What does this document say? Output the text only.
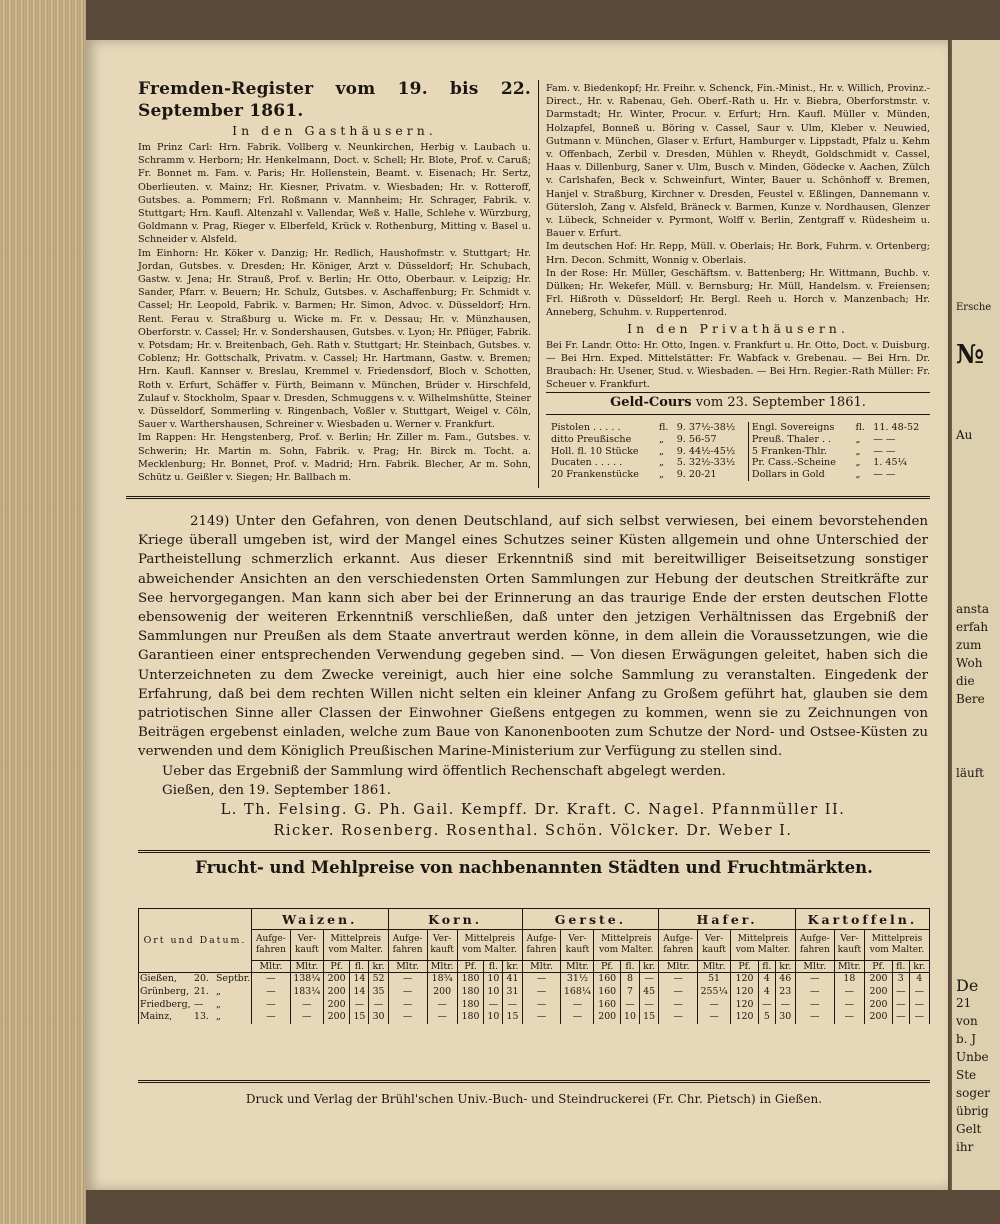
Fremden-Register vom 19. bis 22. September 1861.
In den Gasthäusern.

Im Prinz Carl: Hrn. Fabrik. Vollberg v. Neunkirchen, Herbig v. Laubach u. Schramm v. Herborn; Hr. Henkelmann, Doct. v. Schell; Hr. Blote, Prof. v. Caruß; Fr. Bonnet m. Fam. v. Paris; Hr. Hollenstein, Beamt. v. Eisenach; Hr. Sertz, Oberlieuten. v. Mainz; Hr. Kiesner, Privatm. v. Wiesbaden; Hr. v. Rotteroff, Gutsbes. a. Pommern; Frl. Roßmann v. Mannheim; Hr. Schrager, Fabrik. v. Stuttgart; Hrn. Kaufl. Altenzahl v. Vallendar, Weß v. Halle, Schlehe v. Würzburg, Goldmann v. Prag, Rieger v. Elberfeld, Krück v. Rothenburg, Mitting v. Basel u. Schneider v. Alsfeld.

Im Einhorn: Hr. Köker v. Danzig; Hr. Redlich, Haushofmstr. v. Stuttgart; Hr. Jordan, Gutsbes. v. Dresden; Hr. Königer, Arzt v. Düsseldorf; Hr. Schubach, Gastw. v. Jena; Hr. Strauß, Prof. v. Berlin; Hr. Otto, Oberbaur. v. Leipzig; Hr. Sander, Pfarr. v. Beuern; Hr. Schulz, Gutsbes. v. Aschaffenburg; Fr. Schmidt v. Cassel; Hr. Leopold, Fabrik. v. Barmen; Hr. Simon, Advoc. v. Düsseldorf; Hrn. Rent. Ferau v. Straßburg u. Wicke m. Fr. v. Dessau; Hr. v. Münzhausen, Oberforstr. v. Cassel; Hr. v. Sondershausen, Gutsbes. v. Lyon; Hr. Pflüger, Fabrik. v. Potsdam; Hr. v. Breitenbach, Geh. Rath v. Stuttgart; Hr. Steinbach, Gutsbes. v. Coblenz; Hr. Gottschalk, Privatm. v. Cassel; Hr. Hartmann, Gastw. v. Bremen; Hrn. Kaufl. Kannser v. Breslau, Kremmel v. Friedensdorf, Bloch v. Schotten, Roth v. Erfurt, Schäffer v. Fürth, Beimann v. München, Brüder v. Hirschfeld, Zulauf v. Stockholm, Spaar v. Dresden, Schmuggens v. v. Wilhelmshütte, Steiner v. Düsseldorf, Sommerling v. Ringenbach, Voßler v. Stuttgart, Weigel v. Cöln, Sauer v. Warthershausen, Schreiner v. Wiesbaden u. Werner v. Frankfurt.

Im Rappen: Hr. Hengstenberg, Prof. v. Berlin; Hr. Ziller m. Fam., Gutsbes. v. Schwerin; Hr. Martin m. Sohn, Fabrik. v. Prag; Hr. Birck m. Tocht. a. Mecklenburg; Hr. Bonnet, Prof. v. Madrid; Hrn. Fabrik. Blecher, Ar m. Sohn, Schütz u. Geißler v. Siegen; Hr. Ballbach m.

Fam. v. Biedenkopf; Hr. Freihr. v. Schenck, Fin.-Minist., Hr. v. Willich, Provinz.-Direct., Hr. v. Rabenau, Geh. Oberf.-Rath u. Hr. v. Biebra, Oberforstmstr. v. Darmstadt; Hr. Winter, Procur. v. Erfurt; Hrn. Kaufl. Müller v. Münden, Holzapfel, Bonneß u. Böring v. Cassel, Saur v. Ulm, Kleber v. Neuwied, Gutmann v. München, Glaser v. Erfurt, Hamburger v. Lippstadt, Pfalz u. Kehm v. Offenbach, Zerbil v. Dresden, Mühlen v. Rheydt, Goldschmidt v. Cassel, Haas v. Dillenburg, Saner v. Ulm, Busch v. Minden, Gödecke v. Aachen, Zülch v. Carlshafen, Beck v. Schweinfurt, Winter, Bauer u. Schönhoff v. Bremen, Hanjel v. Straßburg, Kirchner v. Dresden, Feustel v. Eßlingen, Dannemann v. Gütersloh, Zang v. Alsfeld, Bräneck v. Barmen, Kunze v. Nordhausen, Glenzer v. Lübeck, Schneider v. Pyrmont, Wolff v. Berlin, Zentgraff v. Rüdesheim u. Bauer v. Erfurt.

Im deutschen Hof: Hr. Repp, Müll. v. Oberlais; Hr. Bork, Fuhrm. v. Ortenberg; Hrn. Decon. Schmitt, Wonnig v. Oberlais.

In der Rose: Hr. Müller, Geschäftsm. v. Battenberg; Hr. Wittmann, Buchb. v. Dülken; Hr. Wekefer, Müll. v. Bernsburg; Hr. Müll, Handelsm. v. Freiensen; Frl. Hißroth v. Düsseldorf; Hr. Bergl. Reeh u. Horch v. Manzenbach; Hr. Anneberg, Schuhm. v. Ruppertenrod.

In den Privathäusern.

Bei Fr. Landr. Otto: Hr. Otto, Ingen. v. Frankfurt u. Hr. Otto, Doct. v. Duisburg. — Bei Hrn. Exped. Mittelstätter: Fr. Wabfack v. Grebenau. — Bei Hrn. Dr. Braubach: Hr. Usener, Stud. v. Wiesbaden. — Bei Hrn. Regier.-Rath Müller: Fr. Scheuer v. Frankfurt.

Geld-Cours vom 23. September 1861.
Pistolen . . . . .	fl.	9. 37½-38½	Engl. Sovereigns	fl.	11. 48-52
ditto Preußische	„	9. 56-57	Preuß. Thaler . .	„	— —
Holl. fl. 10 Stücke	„	9. 44½-45½	5 Franken-Thlr.	„	— —
Ducaten . . . . .	„	5. 32½-33½	Pr. Cass.-Scheine	„	1. 45¼
20 Frankenstücke	„	9. 20-21	Dollars in Gold	„	— —

2149) Unter den Gefahren, von denen Deutschland, auf sich selbst verwiesen, bei einem bevorstehenden Kriege überall umgeben ist, wird der Mangel eines Schutzes seiner Küsten allgemein und ohne Unterschied der Partheistellung schmerzlich erkannt. Aus dieser Erkenntniß sind mit bereitwilliger Beiseitsetzung sonstiger abweichender Ansichten an den verschiedensten Orten Sammlungen zur Hebung der deutschen Streitkräfte zur See hervorgegangen. Man kann sich aber bei der Erinnerung an das traurige Ende der ersten deutschen Flotte ebensowenig der weiteren Erkenntniß verschließen, daß unter den jetzigen Verhältnissen das Ergebniß der Sammlungen nur Preußen als dem Staate anvertraut werden könne, in dem allein die Voraussetzungen, wie die Garantieen einer entsprechenden Verwendung gegeben sind. — Von diesen Erwägungen geleitet, haben sich die Unterzeichneten zu dem Zwecke vereinigt, auch hier eine solche Sammlung zu veranstalten. Eingedenk der Erfahrung, daß bei dem rechten Willen nicht selten ein kleiner Anfang zu Großem geführt hat, glauben sie dem patriotischen Sinne aller Classen der Einwohner Gießens entgegen zu kommen, wenn sie zu Zeichnungen von Beiträgen ergebenst einladen, welche zum Baue von Kanonenbooten zum Schutze der Nord- und Ostsee-Küsten zu verwenden und dem Königlich Preußischen Marine-Ministerium zur Verfügung zu stellen sind.

Ueber das Ergebniß der Sammlung wird öffentlich Rechenschaft abgelegt werden.

Gießen, den 19. September 1861.

L. Th. Felsing. G. Ph. Gail. Kempff. Dr. Kraft. C. Nagel. Pfannmüller II.
Ricker. Rosenberg. Rosenthal. Schön. Völcker. Dr. Weber I.
Frucht- und Mehlpreise von nachbenannten Städten und Fruchtmärkten.
Ort und Datum.	Waizen.					Korn.					Gerste.					Hafer.					Kartoffeln.				
	Aufge-fahren	Ver-kauft	Mittelpreis vom Malter.			Aufge-fahren	Ver-kauft	Mittelpreis vom Malter.			Aufge-fahren	Ver-kauft	Mittelpreis vom Malter.			Aufge-fahren	Ver-kauft	Mittelpreis vom Malter.			Aufge-fahren	Ver-kauft	Mittelpreis vom Malter.		
	Mltr.	Mltr.	Pf.	fl.	kr.	Mltr.	Mltr.	Pf.	fl.	kr.	Mltr.	Mltr.	Pf.	fl.	kr.	Mltr.	Mltr.	Pf.	fl.	kr.	Mltr.	Mltr.	Pf.	fl.	kr.
Gießen, 20. Septbr.	—	138¼	200	14	52	—	18¾	180	10	41	—	31½	160	8	—	—	51	120	4	46	—	18	200	3	4
Grünberg, 21. „	—	183¼	200	14	35	—	200	180	10	31	—	168¼	160	7	45	—	255¼	120	4	23	—	—	200	—	—
Friedberg, — „	—	—	200	—	—	—	—	180	—	—	—	—	160	—	—	—	—	120	—	—	—	—	200	—	—
Mainz, 13. „	—	—	200	15	30	—	—	180	10	15	—	—	200	10	15	—	—	120	5	30	—	—	200	—	—
Druck und Verlag der Brühl'schen Univ.-Buch- und Steindruckerei (Fr. Chr. Pietsch) in Gießen.
Ersche
№
Au
ansta
erfah
zum
Woh
die
Bere
läuft
De
21
von
b. J
Unbe
Ste
soger
übrig
Gelt
ihr
